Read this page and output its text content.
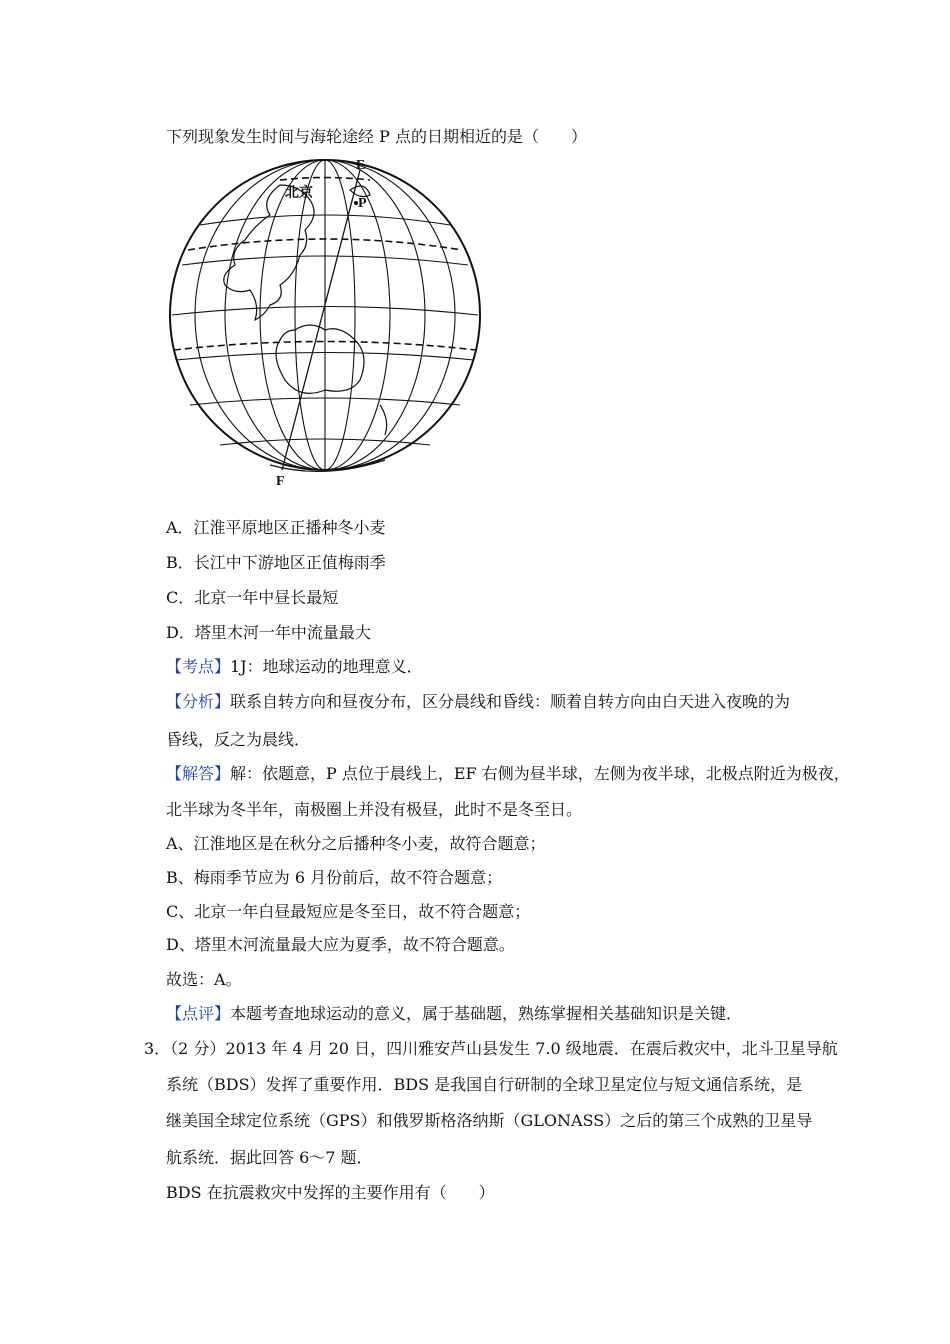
下列现象发生时间与海轮途经 P 点的日期相近的是（　　）
E
P
F
北京
A．江淮平原地区正播种冬小麦
B．长江中下游地区正值梅雨季
C．北京一年中昼长最短
D．塔里木河一年中流量最大
【考点】1J：地球运动的地理意义．
【分析】联系自转方向和昼夜分布，区分晨线和昏线：顺着自转方向由白天进入夜晚的为
昏线，反之为晨线．
【解答】解：依题意，P 点位于晨线上，EF 右侧为昼半球，左侧为夜半球，北极点附近为极夜，
北半球为冬半年，南极圈上并没有极昼，此时不是冬至日。
A、江淮地区是在秋分之后播种冬小麦，故符合题意；
B、梅雨季节应为 6 月份前后，故不符合题意；
C、北京一年白昼最短应是冬至日，故不符合题意；
D、塔里木河流量最大应为夏季，故不符合题意。
故选：A。
【点评】本题考查地球运动的意义，属于基础题，熟练掌握相关基础知识是关键．
3．（2 分）2013 年 4 月 20 日，四川雅安芦山县发生 7.0 级地震．在震后救灾中，北斗卫星导航
系统（BDS）发挥了重要作用．BDS 是我国自行研制的全球卫星定位与短文通信系统，是
继美国全球定位系统（GPS）和俄罗斯格洛纳斯（GLONASS）之后的第三个成熟的卫星导
航系统．据此回答 6～7 题．
BDS 在抗震救灾中发挥的主要作用有（　　）
